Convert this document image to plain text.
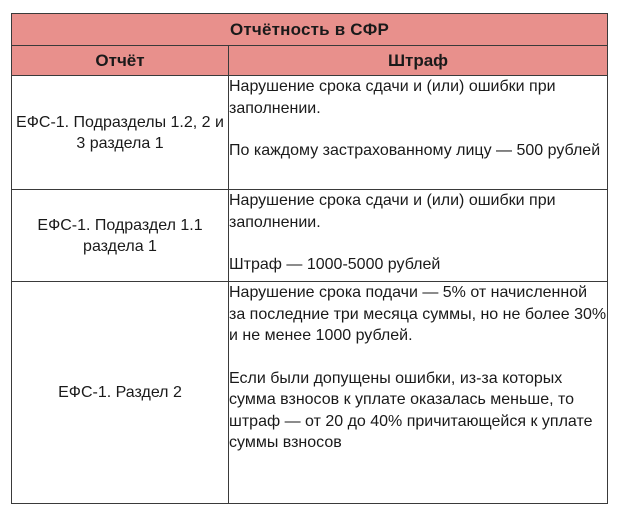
Отчётность в СФР	
Отчёт	Штраф
ЕФС-1. Подразделы 1.2, 2 и 3 раздела 1	Нарушение срока сдачи и (или) ошибки при заполнении.

По каждому застрахованному лицу — 500 рублей

ЕФС-1. Подраздел 1.1 раздела 1	Нарушение срока сдачи и (или) ошибки при заполнении.

Штраф — 1000-5000 рублей

ЕФС-1. Раздел 2	Нарушение срока подачи — 5% от начисленной за последние три месяца суммы, но не более 30% и не менее 1000 рублей.

Если были допущены ошибки, из-за которых сумма взносов к уплате оказалась меньше, то штраф — от 20 до 40% причитающейся к уплате суммы взносов
